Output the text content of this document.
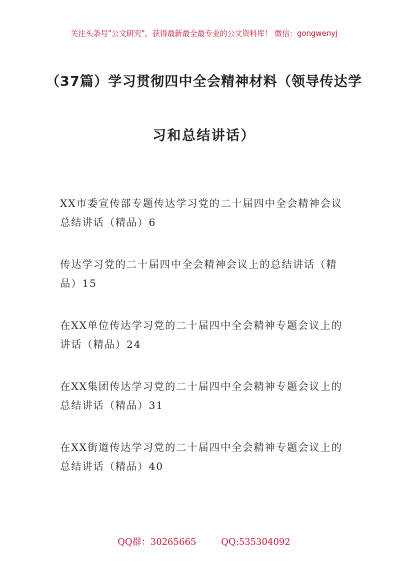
关注头条号"公文研究"，获得最新最全最专业的公文资料库！ 微信：gongwenyj
（37篇）学习贯彻四中全会精神材料（领导传达学
习和总结讲话）

XX市委宣传部专题传达学习党的二十届四中全会精神会议
总结讲话（精品）6

传达学习党的二十届四中全会精神会议上的总结讲话（精
品）15

在XX单位传达学习党的二十届四中全会精神专题会议上的
讲话（精品）24

在XX集团传达学习党的二十届四中全会精神专题会议上的
总结讲话（精品）31

在XX街道传达学习党的二十届四中全会精神专题会议上的
总结讲话（精品）40

QQ群：30265665	QQ:535304092
